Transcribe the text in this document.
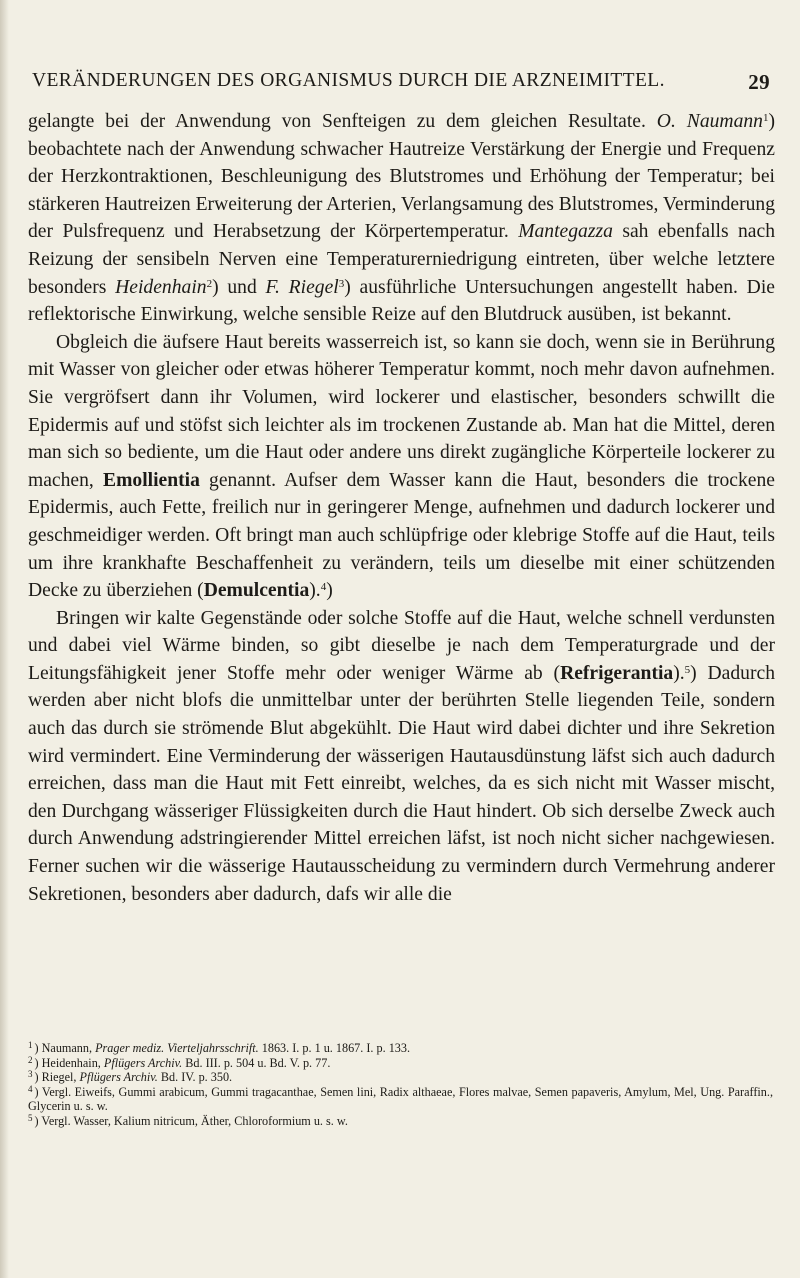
VERÄNDERUNGEN DES ORGANISMUS DURCH DIE ARZNEIMITTEL.	29

gelangte bei der Anwendung von Senfteigen zu dem gleichen Resultate. O. Naumann$^1$) beobachtete nach der Anwendung schwacher Hautreize Verstärkung der Energie und Frequenz der Herzkontraktionen, Beschleunigung des Blutstromes und Erhöhung der Temperatur; bei stärkeren Hautreizen Erweiterung der Arterien, Verlangsamung des Blutstromes, Verminderung der Pulsfrequenz und Herabsetzung der Körpertemperatur. Mantegazza sah ebenfalls nach Reizung der sensibeln Nerven eine Temperaturerniedrigung eintreten, über welche letztere besonders Heidenhain$^2$) und F. Riegel$^3$) ausführliche Untersuchungen angestellt haben. Die reflektorische Einwirkung, welche sensible Reize auf den Blutdruck ausüben, ist bekannt.

Obgleich die äufsere Haut bereits wasserreich ist, so kann sie doch, wenn sie in Berührung mit Wasser von gleicher oder etwas höherer Temperatur kommt, noch mehr davon aufnehmen. Sie vergröfsert dann ihr Volumen, wird lockerer und elastischer, besonders schwillt die Epidermis auf und stöfst sich leichter als im trockenen Zustande ab. Man hat die Mittel, deren man sich so bediente, um die Haut oder andere uns direkt zugängliche Körperteile lockerer zu machen, Emollientia genannt. Aufser dem Wasser kann die Haut, besonders die trockene Epidermis, auch Fette, freilich nur in geringerer Menge, aufnehmen und dadurch lockerer und geschmeidiger werden. Oft bringt man auch schlüpfrige oder klebrige Stoffe auf die Haut, teils um ihre krankhafte Beschaffenheit zu verändern, teils um dieselbe mit einer schützenden Decke zu überziehen (Demulcentia).$^4$)

Bringen wir kalte Gegenstände oder solche Stoffe auf die Haut, welche schnell verdunsten und dabei viel Wärme binden, so gibt dieselbe je nach dem Temperaturgrade und der Leitungsfähigkeit jener Stoffe mehr oder weniger Wärme ab (Refrigerantia).$^5$) Dadurch werden aber nicht blofs die unmittelbar unter der berührten Stelle liegenden Teile, sondern auch das durch sie strömende Blut abgekühlt. Die Haut wird dabei dichter und ihre Sekretion wird vermindert. Eine Verminderung der wässerigen Hautausdünstung läfst sich auch dadurch erreichen, dass man die Haut mit Fett einreibt, welches, da es sich nicht mit Wasser mischt, den Durchgang wässeriger Flüssigkeiten durch die Haut hindert. Ob sich derselbe Zweck auch durch Anwendung adstringierender Mittel erreichen läfst, ist noch nicht sicher nachgewiesen. Ferner suchen wir die wässerige Hautausscheidung zu vermindern durch Vermehrung anderer Sekretionen, besonders aber dadurch, dafs wir alle die

$^1$ ) Naumann, Prager mediz. Vierteljahrsschrift. 1863. I. p. 1 u. 1867. I. p. 133.

$^2$ ) Heidenhain, Pflügers Archiv. Bd. III. p. 504 u. Bd. V. p. 77.

$^3$ ) Riegel, Pflügers Archiv. Bd. IV. p. 350.

$^4$ ) Vergl. Eiweifs, Gummi arabicum, Gummi tragacanthae, Semen lini, Radix althaeae, Flores malvae, Semen papaveris, Amylum, Mel, Ung. Paraffin., Glycerin u. s. w.

$^5$ ) Vergl. Wasser, Kalium nitricum, Äther, Chloroformium u. s. w.
